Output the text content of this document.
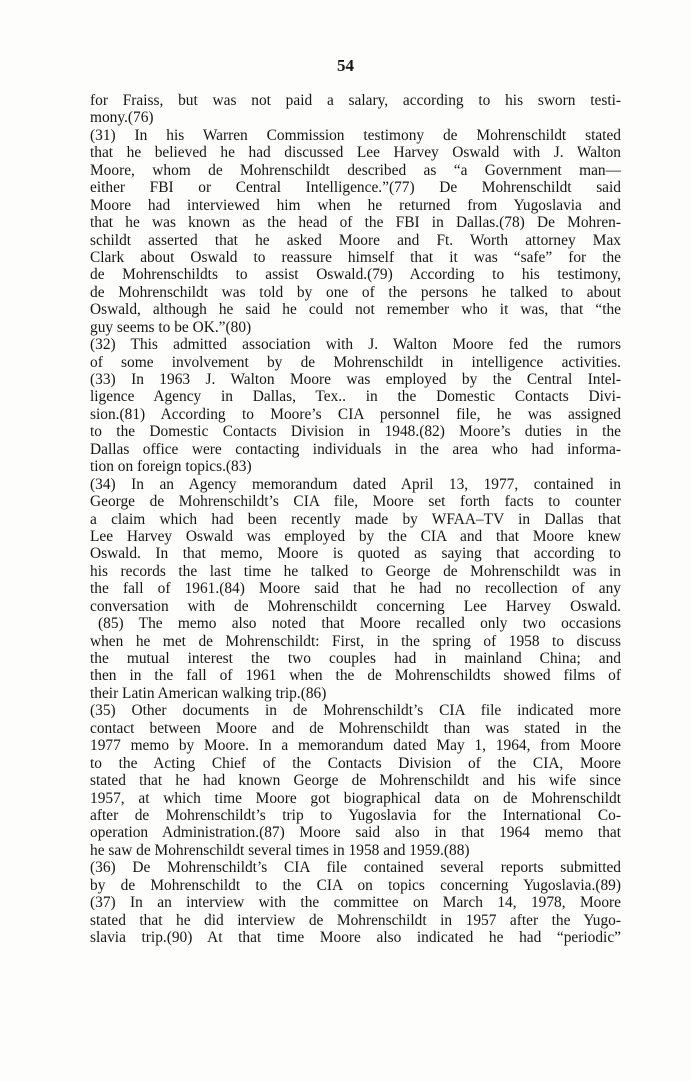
54
for Fraiss, but was not paid a salary, according to his sworn testi-
mony.(76)
(31) In his Warren Commission testimony de Mohrenschildt stated
that he believed he had discussed Lee Harvey Oswald with J. Walton
Moore, whom de Mohrenschildt described as “a Government man—
either FBI or Central Intelligence.”(77) De Mohrenschildt said
Moore had interviewed him when he returned from Yugoslavia and
that he was known as the head of the FBI in Dallas.(78) De Mohren-
schildt asserted that he asked Moore and Ft. Worth attorney Max
Clark about Oswald to reassure himself that it was “safe” for the
de Mohrenschildts to assist Oswald.(79) According to his testimony,
de Mohrenschildt was told by one of the persons he talked to about
Oswald, although he said he could not remember who it was, that “the
guy seems to be OK.”(80)
(32) This admitted association with J. Walton Moore fed the rumors
of some involvement by de Mohrenschildt in intelligence activities.
(33) In 1963 J. Walton Moore was employed by the Central Intel-
ligence Agency in Dallas, Tex.. in the Domestic Contacts Divi-
sion.(81) According to Moore’s CIA personnel file, he was assigned
to the Domestic Contacts Division in 1948.(82) Moore’s duties in the
Dallas office were contacting individuals in the area who had informa-
tion on foreign topics.(83)
(34) In an Agency memorandum dated April 13, 1977, contained in
George de Mohrenschildt’s CIA file, Moore set forth facts to counter
a claim which had been recently made by WFAA–TV in Dallas that
Lee Harvey Oswald was employed by the CIA and that Moore knew
Oswald. In that memo, Moore is quoted as saying that according to
his records the last time he talked to George de Mohrenschildt was in
the fall of 1961.(84) Moore said that he had no recollection of any
conversation with de Mohrenschildt concerning Lee Harvey Oswald.
(85) The memo also noted that Moore recalled only two occasions
when he met de Mohrenschildt: First, in the spring of 1958 to discuss
the mutual interest the two couples had in mainland China; and
then in the fall of 1961 when the de Mohrenschildts showed films of
their Latin American walking trip.(86)
(35) Other documents in de Mohrenschildt’s CIA file indicated more
contact between Moore and de Mohrenschildt than was stated in the
1977 memo by Moore. In a memorandum dated May 1, 1964, from Moore
to the Acting Chief of the Contacts Division of the CIA, Moore
stated that he had known George de Mohrenschildt and his wife since
1957, at which time Moore got biographical data on de Mohrenschildt
after de Mohrenschildt’s trip to Yugoslavia for the International Co-
operation Administration.(87) Moore said also in that 1964 memo that
he saw de Mohrenschildt several times in 1958 and 1959.(88)
(36) De Mohrenschildt’s CIA file contained several reports submitted
by de Mohrenschildt to the CIA on topics concerning Yugoslavia.(89)
(37) In an interview with the committee on March 14, 1978, Moore
stated that he did interview de Mohrenschildt in 1957 after the Yugo-
slavia trip.(90) At that time Moore also indicated he had “periodic”
